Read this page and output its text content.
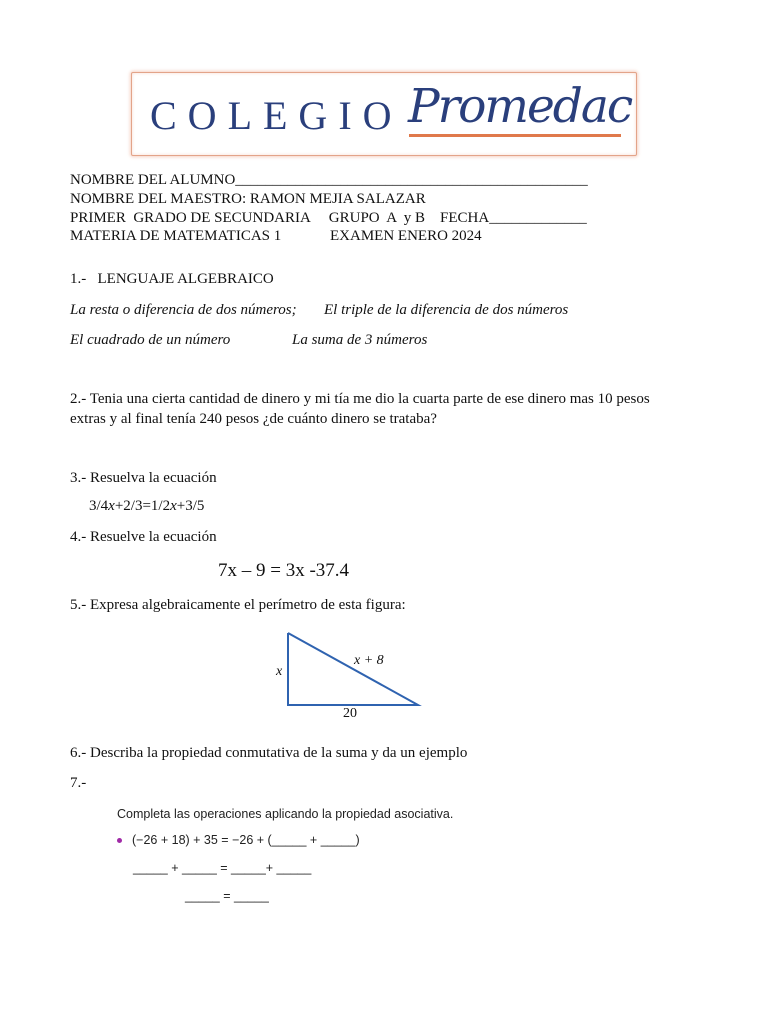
COLEGIO Promedac
NOMBRE DEL ALUMNO_______________________________________________
NOMBRE DEL MAESTRO: RAMON MEJIA SALAZAR
PRIMER  GRADO DE SECUNDARIA     GRUPO  A  y B    FECHA_____________
MATERIA DE MATEMATICAS 1             EXAMEN ENERO 2024
1.-   LENGUAJE ALGEBRAICO
La resta o diferencia de dos números; El triple de la diferencia de dos números
El cuadrado de un número	La suma de 3 números
2.- Tenia una cierta cantidad de dinero y mi tía me dio la cuarta parte de ese dinero mas 10 pesos
extras y al final tenía 240 pesos ¿de cuánto dinero se trataba?
3.- Resuelva la ecuación
3/4x+2/3=1/2x+3/5
4.- Resuelve la ecuación
7x – 9 = 3x -37.4
5.- Expresa algebraicamente el perímetro de esta figura:
x
x + 8
20
6.- Describa la propiedad conmutativa de la suma y da un ejemplo
7.-
Completa las operaciones aplicando la propiedad asociativa.
(−26 + 18) + 35 = −26 + (_____ + _____)
_____ + _____ = _____+ _____
_____ = _____
